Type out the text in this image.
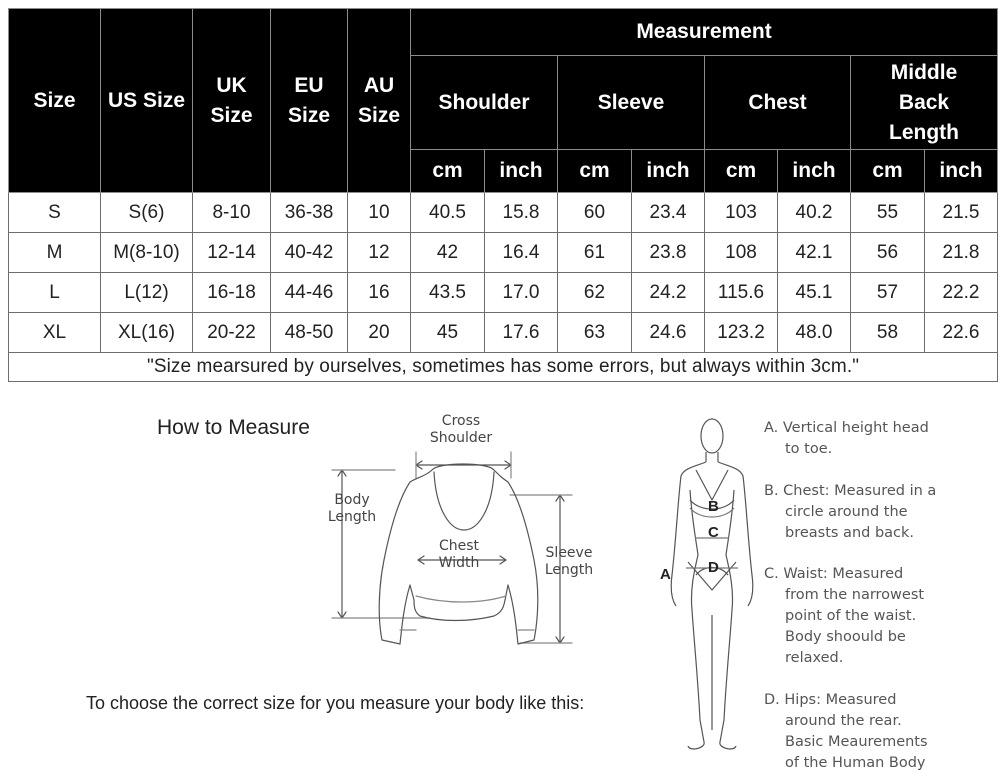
Size	US Size	UK Size	EU Size	AU Size	Measurement							
					Shoulder		Sleeve		Chest		Middle Back Length	
					cm	inch	cm	inch	cm	inch	cm	inch
S	S(6)	8-10	36-38	10	40.5	15.8	60	23.4	103	40.2	55	21.5
M	M(8-10)	12-14	40-42	12	42	16.4	61	23.8	108	42.1	56	21.8
L	L(12)	16-18	44-46	16	43.5	17.0	62	24.2	115.6	45.1	57	22.2
XL	XL(16)	20-22	48-50	20	45	17.6	63	24.6	123.2	48.0	58	22.6
"Size mearsured by ourselves, sometimes has some errors, but always within 3cm."												
How to Measure
To choose the correct size for you measure your body like this:
Cross
Shoulder
Body
Length
Chest
Width
Sleeve
Length
B
C
D
A
A. Vertical height head
to toe.
B. Chest: Measured in a
circle around the
breasts and back.
C. Waist: Measured
from the narrowest
point of the waist.
Body shoould be
relaxed.
D. Hips: Measured
around the rear.
Basic Meaurements
of the Human Body
